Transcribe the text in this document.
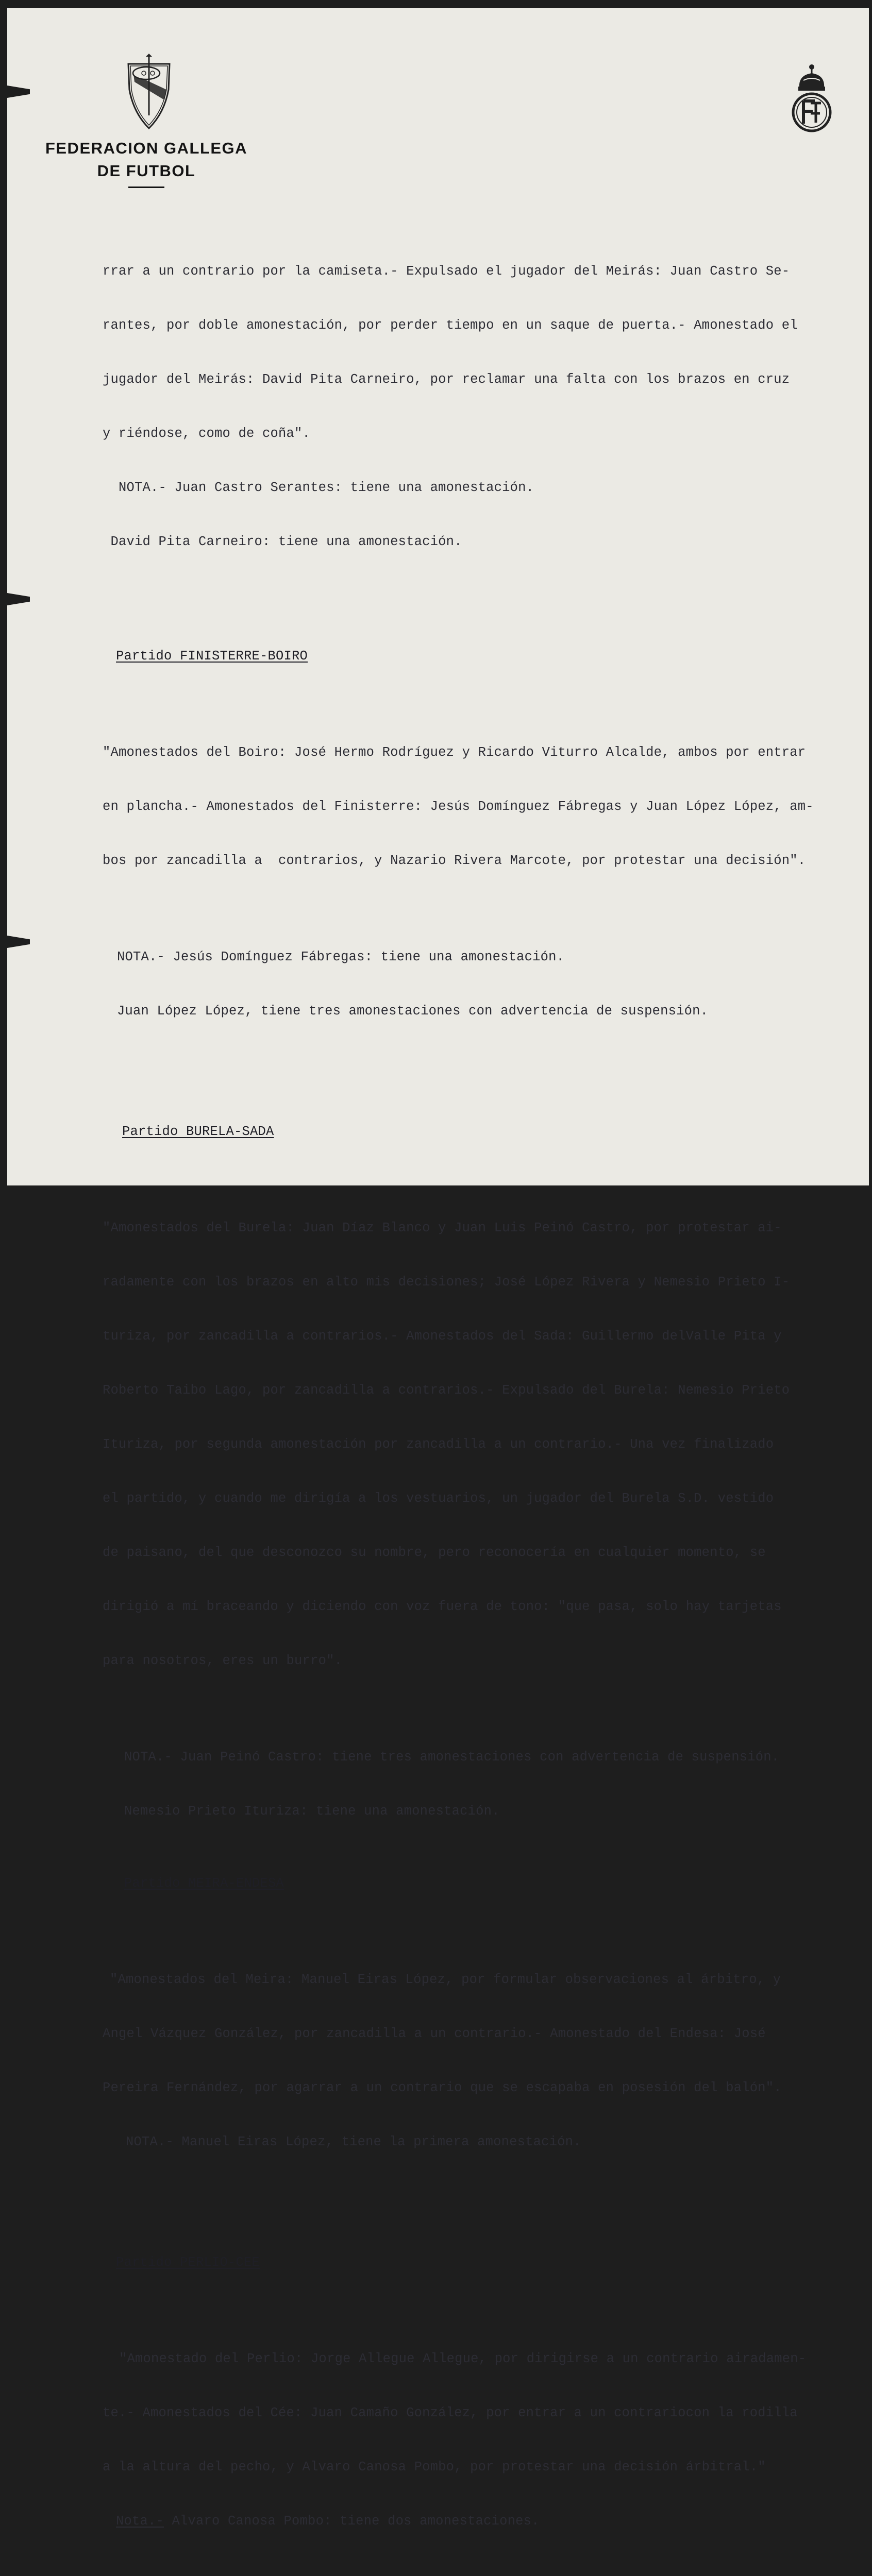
FEDERACION GALLEGA
DE FUTBOL

rrar a un contrario por la camiseta.- Expulsado el jugador del Meirás: Juan Castro Se-

rantes, por doble amonestación, por perder tiempo en un saque de puerta.- Amonestado el

jugador del Meirás: David Pita Carneiro, por reclamar una falta con los brazos en cruz

y riéndose, como de coña".

NOTA.- Juan Castro Serantes: tiene una amonestación.

David Pita Carneiro: tiene una amonestación.

Partido FINISTERRE-BOIRO

"Amonestados del Boiro: José Hermo Rodríguez y Ricardo Viturro Alcalde, ambos por entrar

en plancha.- Amonestados del Finisterre: Jesús Domínguez Fábregas y Juan López López, am-

bos por zancadilla a  contrarios, y Nazario Rivera Marcote, por protestar una decisión".

NOTA.- Jesús Domínguez Fábregas: tiene una amonestación.

Juan López López, tiene tres amonestaciones con advertencia de suspensión.

Partido BURELA-SADA

"Amonestados del Burela: Juan Díaz Blanco y Juan Luis Peinó Castro, por protestar ai-

radamente con los brazos en alto mis decisiones; José López Rivera y Nemesio Prieto I-

turiza, por zancadilla a contrarios.- Amonestados del Sada: Guillermo delValle Pita y

Roberto Taibo Lago, por zancadilla a contrarios.- Expulsado del Burela: Nemesio Prieto

Ituriza, por segunda amonestación por zancadilla a un contrario.- Una vez finalizado

el partido, y cuando me dirigía a los vestuarios, un jugador del Burela S.D. vestido

de paisano, del que desconozco su nombre, pero reconocería en cualquier momento, se

dirigió a mí braceando y diciendo con voz fuera de tono: "que pasa, solo hay tarjetas

para nosotros, eres un burro".

NOTA.- Juan Peinó Castro: tiene tres amonestaciones con advertencia de suspensión.

Nemesio Prieto Ituriza: tiene una amonestación.

Partido MEIRA-ENDESA

"Amonestados del Meira: Manuel Eiras López, por formular observaciones al árbitro, y

Angel Vázquez González, por zancadilla a un contrario.- Amonestado del Endesa: José

Pereira Fernández, por agarrar a un contrario que se escapaba en posesión del balón".

NOTA.- Manuel Eiras López, tiene la primera amonestación.

Partido PERLIO-CEE

"Amonestado del Perlio: Jorge Allegue Allegue, por dirigirse a un contrario airadamen-

te.- Amonestados del Cée: Juan Camaño González, por entrar a un contrariocon la rodilla

a la altura del pecho, y Alvaro Canosa Pombo, por protestar una decisión árbitral."

Nota.- Alvaro Canosa Pombo: tiene dos amonestaciones.
